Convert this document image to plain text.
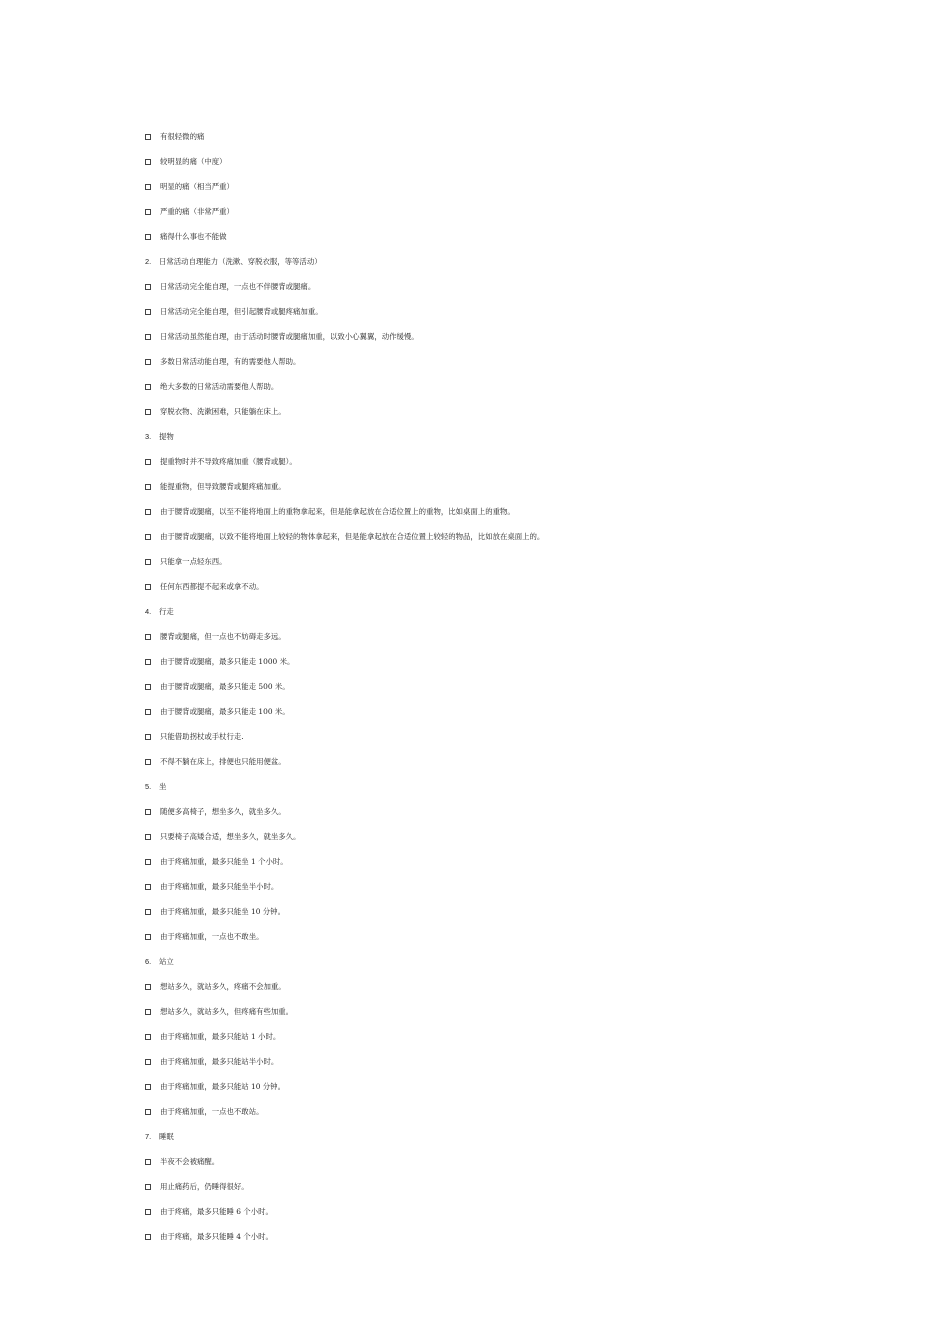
有很轻微的痛
较明显的痛（中度）
明显的痛（相当严重）
严重的痛（非常严重）
痛得什么事也不能做
2.	日常活动自理能力（洗漱、穿脱衣服，等等活动）
日常活动完全能自理，一点也不伴腰背或腿痛。
日常活动完全能自理，但引起腰背或腿疼痛加重。
日常活动虽然能自理，由于活动时腰背或腿痛加重，以致小心翼翼，动作缓慢。
多数日常活动能自理，有的需要他人帮助。
绝大多数的日常活动需要他人帮助。
穿脱衣物、洗漱困难，只能躺在床上。
3.	提物
提重物时并不导致疼痛加重（腰背或腿）。
能提重物，但导致腰背或腿疼痛加重。
由于腰背或腿痛，以至不能将地面上的重物拿起来，但是能拿起放在合适位置上的重物，比如桌面上的重物。
由于腰背或腿痛，以致不能将地面上较轻的物体拿起来，但是能拿起放在合适位置上较轻的物品，比如放在桌面上的。
只能拿一点轻东西。
任何东西都提不起来或拿不动。
4.	行走
腰背或腿痛，但一点也不妨碍走多远。
由于腰背或腿痛，最多只能走 1000 米。
由于腰背或腿痛，最多只能走 500 米。
由于腰背或腿痛，最多只能走 100 米。
只能借助拐杖或手杖行走.
不得不躺在床上，排便也只能用便盆。
5.	坐
随便多高椅子，想坐多久，就坐多久。
只要椅子高矮合适，想坐多久，就坐多久。
由于疼痛加重，最多只能坐 1 个小时。
由于疼痛加重，最多只能坐半小时。
由于疼痛加重，最多只能坐 10 分钟。
由于疼痛加重，一点也不敢坐。
6.	站立
想站多久，就站多久，疼痛不会加重。
想站多久，就站多久，但疼痛有些加重。
由于疼痛加重，最多只能站 1 小时。
由于疼痛加重，最多只能站半小时。
由于疼痛加重，最多只能站 10 分钟。
由于疼痛加重，一点也不敢站。
7.	睡眠
半夜不会被痛醒。
用止痛药后，仍睡得很好。
由于疼痛，最多只能睡 6 个小时。
由于疼痛，最多只能睡 4 个小时。
